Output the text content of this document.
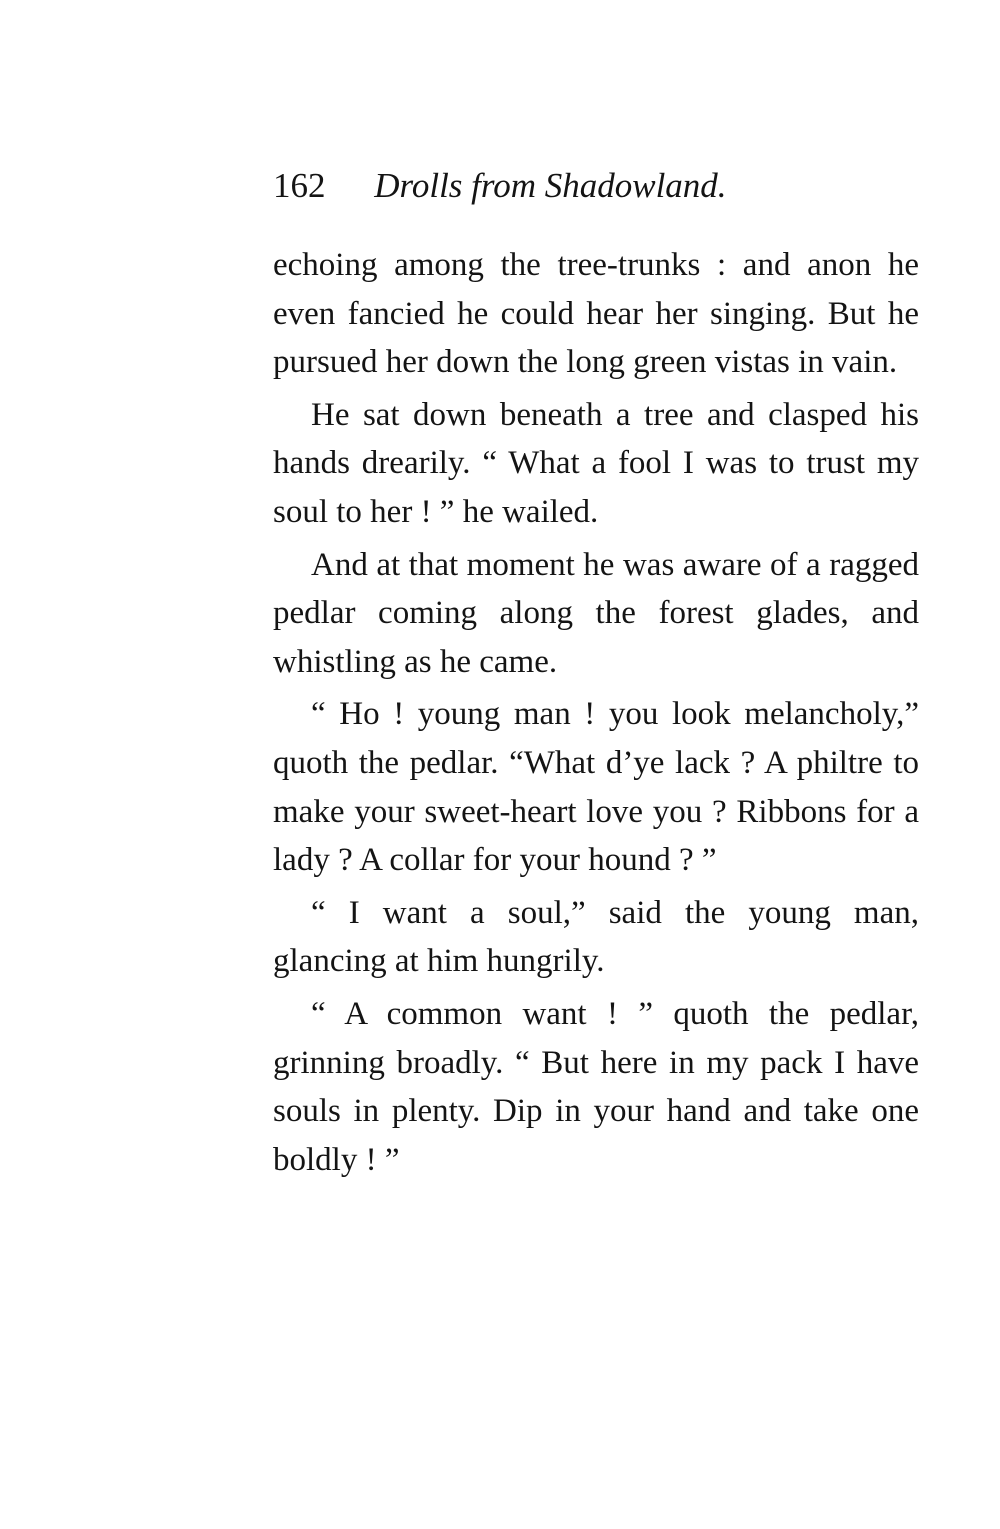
162 Drolls from Shadowland.

echoing among the tree-trunks : and anon he even fancied he could hear her singing. But he pursued her down the long green vistas in vain.

He sat down beneath a tree and clasped his hands drearily. “ What a fool I was to trust my soul to her ! ” he wailed.

And at that moment he was aware of a ragged pedlar coming along the forest glades, and whistling as he came.

“ Ho ! young man ! you look melancholy,” quoth the pedlar. “What d’ye lack ? A philtre to make your sweet-heart love you ? Ribbons for a lady ? A collar for your hound ? ”

“ I want a soul,” said the young man, glancing at him hungrily.

“ A common want ! ” quoth the pedlar, grinning broadly. “ But here in my pack I have souls in plenty. Dip in your hand and take one boldly ! ”
